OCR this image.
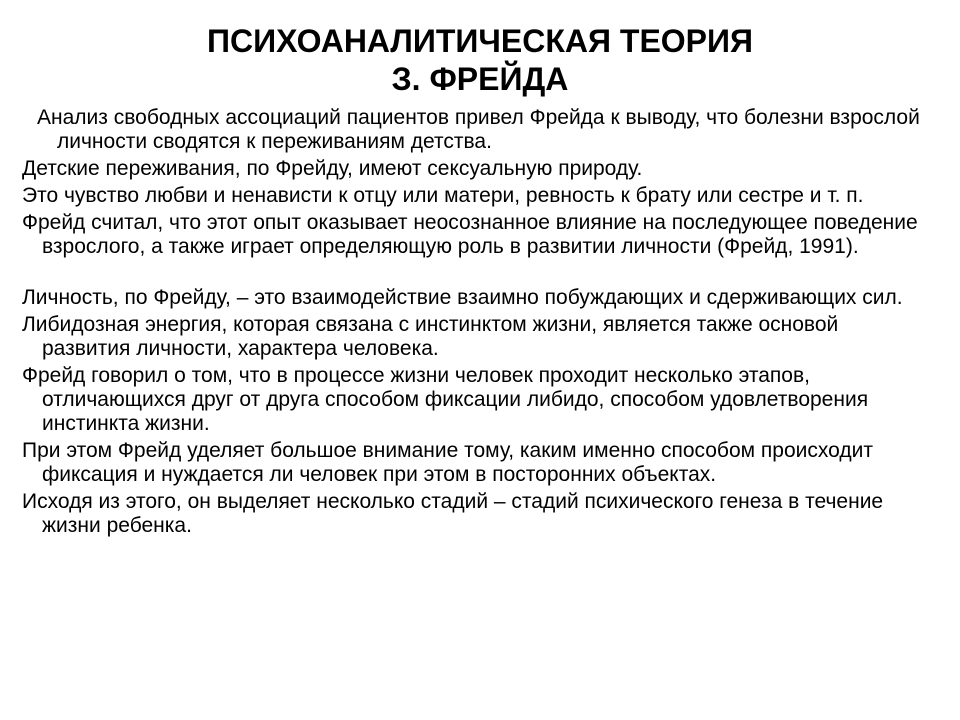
ПСИХОАНАЛИТИЧЕСКАЯ ТЕОРИЯ
З. ФРЕЙДА

Анализ свободных ассоциаций пациентов привел Фрейда к выводу, что болезни взрослой личности сводятся к переживаниям детства.

Детские переживания, по Фрейду, имеют сексуальную природу.

Это чувство любви и ненависти к отцу или матери, ревность к брату или сестре и т. п.

Фрейд считал, что этот опыт оказывает неосознанное влияние на последующее поведение взрослого, а также играет определяющую роль в развитии личности (Фрейд, 1991).

Личность, по Фрейду, – это взаимодействие взаимно побуждающих и сдерживающих сил.

Либидозная энергия, которая связана с инстинктом жизни, является также основой развития личности, характера человека.

Фрейд говорил о том, что в процессе жизни человек проходит несколько этапов, отличающихся друг от друга способом фиксации либидо, способом удовлетворения инстинкта жизни.

При этом Фрейд уделяет большое внимание тому, каким именно способом происходит фиксация и нуждается ли человек при этом в посторонних объектах.

Исходя из этого, он выделяет несколько стадий – стадий психического генеза в течение жизни ребенка.
